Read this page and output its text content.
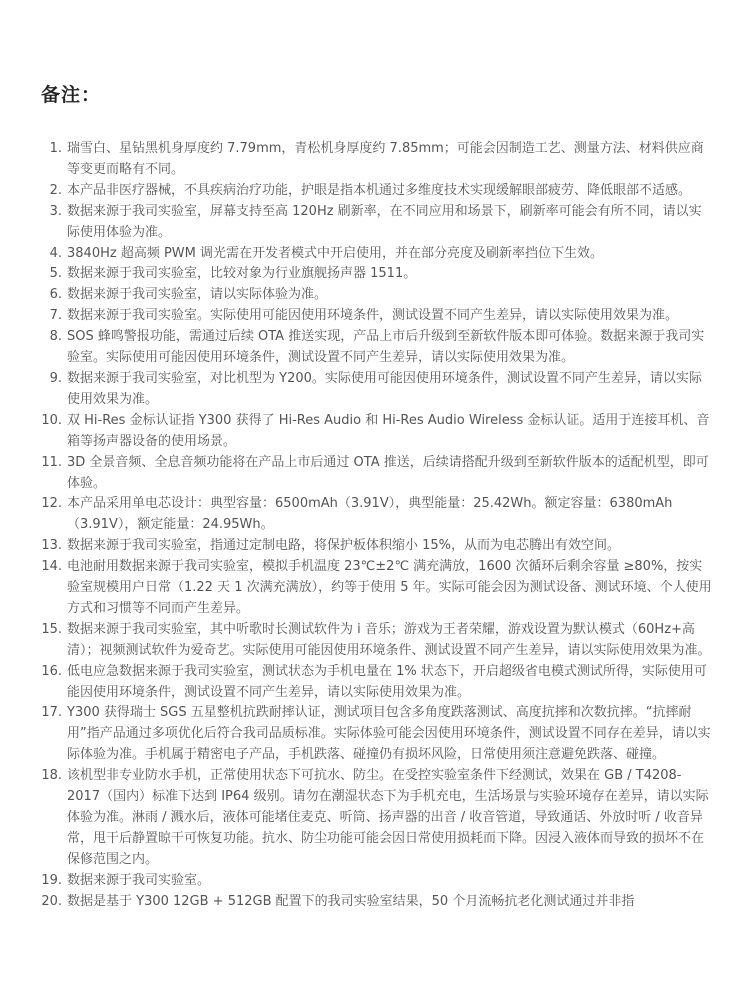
备注：
1. 瑞雪白、星钻黑机身厚度约 7.79mm，青松机身厚度约 7.85mm；可能会因制造工艺、测量方法、材料供应商等变更而略有不同。
2. 本产品非医疗器械，不具疾病治疗功能，护眼是指本机通过多维度技术实现缓解眼部疲劳、降低眼部不适感。
3. 数据来源于我司实验室，屏幕支持至高 120Hz 刷新率，在不同应用和场景下，刷新率可能会有所不同，请以实际使用体验为准。
4. 3840Hz 超高频 PWM 调光需在开发者模式中开启使用，并在部分亮度及刷新率挡位下生效。
5. 数据来源于我司实验室，比较对象为行业旗舰扬声器 1511。
6. 数据来源于我司实验室，请以实际体验为准。
7. 数据来源于我司实验室。实际使用可能因使用环境条件，测试设置不同产生差异，请以实际使用效果为准。
8. SOS 蜂鸣警报功能，需通过后续 OTA 推送实现，产品上市后升级到至新软件版本即可体验。数据来源于我司实验室。实际使用可能因使用环境条件，测试设置不同产生差异，请以实际使用效果为准。
9. 数据来源于我司实验室，对比机型为 Y200。实际使用可能因使用环境条件，测试设置不同产生差异，请以实际使用效果为准。
10. 双 Hi-Res 金标认证指 Y300 获得了 Hi-Res Audio 和 Hi-Res Audio Wireless 金标认证。适用于连接耳机、音箱等扬声器设备的使用场景。
11. 3D 全景音频、全息音频功能将在产品上市后通过 OTA 推送，后续请搭配升级到至新软件版本的适配机型，即可体验。
12. 本产品采用单电芯设计：典型容量：6500mAh（3.91V），典型能量：25.42Wh。额定容量：6380mAh（3.91V），额定能量：24.95Wh。
13. 数据来源于我司实验室，指通过定制电路，将保护板体积缩小 15%，从而为电芯腾出有效空间。
14. 电池耐用数据来源于我司实验室，模拟手机温度 23℃±2℃ 满充满放，1600 次循环后剩余容量 ≥80%，按实验室规模用户日常（1.22 天 1 次满充满放），约等于使用 5 年。实际可能会因为测试设备、测试环境、个人使用方式和习惯等不同而产生差异。
15. 数据来源于我司实验室，其中听歌时长测试软件为 i 音乐；游戏为王者荣耀，游戏设置为默认模式（60Hz+高清）；视频测试软件为爱奇艺。实际使用可能因使用环境条件、测试设置不同产生差异，请以实际使用效果为准。
16. 低电应急数据来源于我司实验室，测试状态为手机电量在 1% 状态下，开启超级省电模式测试所得，实际使用可能因使用环境条件，测试设置不同产生差异，请以实际使用效果为准。
17. Y300 获得瑞士 SGS 五星整机抗跌耐摔认证，测试项目包含多角度跌落测试、高度抗摔和次数抗摔。“抗摔耐用”指产品通过多项优化后符合我司品质标准。实际体验可能会因使用环境条件，测试设置不同存在差异，请以实际体验为准。手机属于精密电子产品，手机跌落、碰撞仍有损坏风险，日常使用须注意避免跌落、碰撞。
18. 该机型非专业防水手机，正常使用状态下可抗水、防尘。在受控实验室条件下经测试，效果在 GB / T4208-2017（国内）标准下达到 IP64 级别。请勿在潮湿状态下为手机充电，生活场景与实验环境存在差异，请以实际体验为准。淋雨 / 溅水后，液体可能堵住麦克、听筒、扬声器的出音 / 收音管道，导致通话、外放时听 / 收音异常，甩干后静置晾干可恢复功能。抗水、防尘功能可能会因日常使用损耗而下降。因浸入液体而导致的损坏不在保修范围之内。
19. 数据来源于我司实验室。
20. 数据是基于 Y300 12GB + 512GB 配置下的我司实验室结果，50 个月流畅抗老化测试通过并非指
